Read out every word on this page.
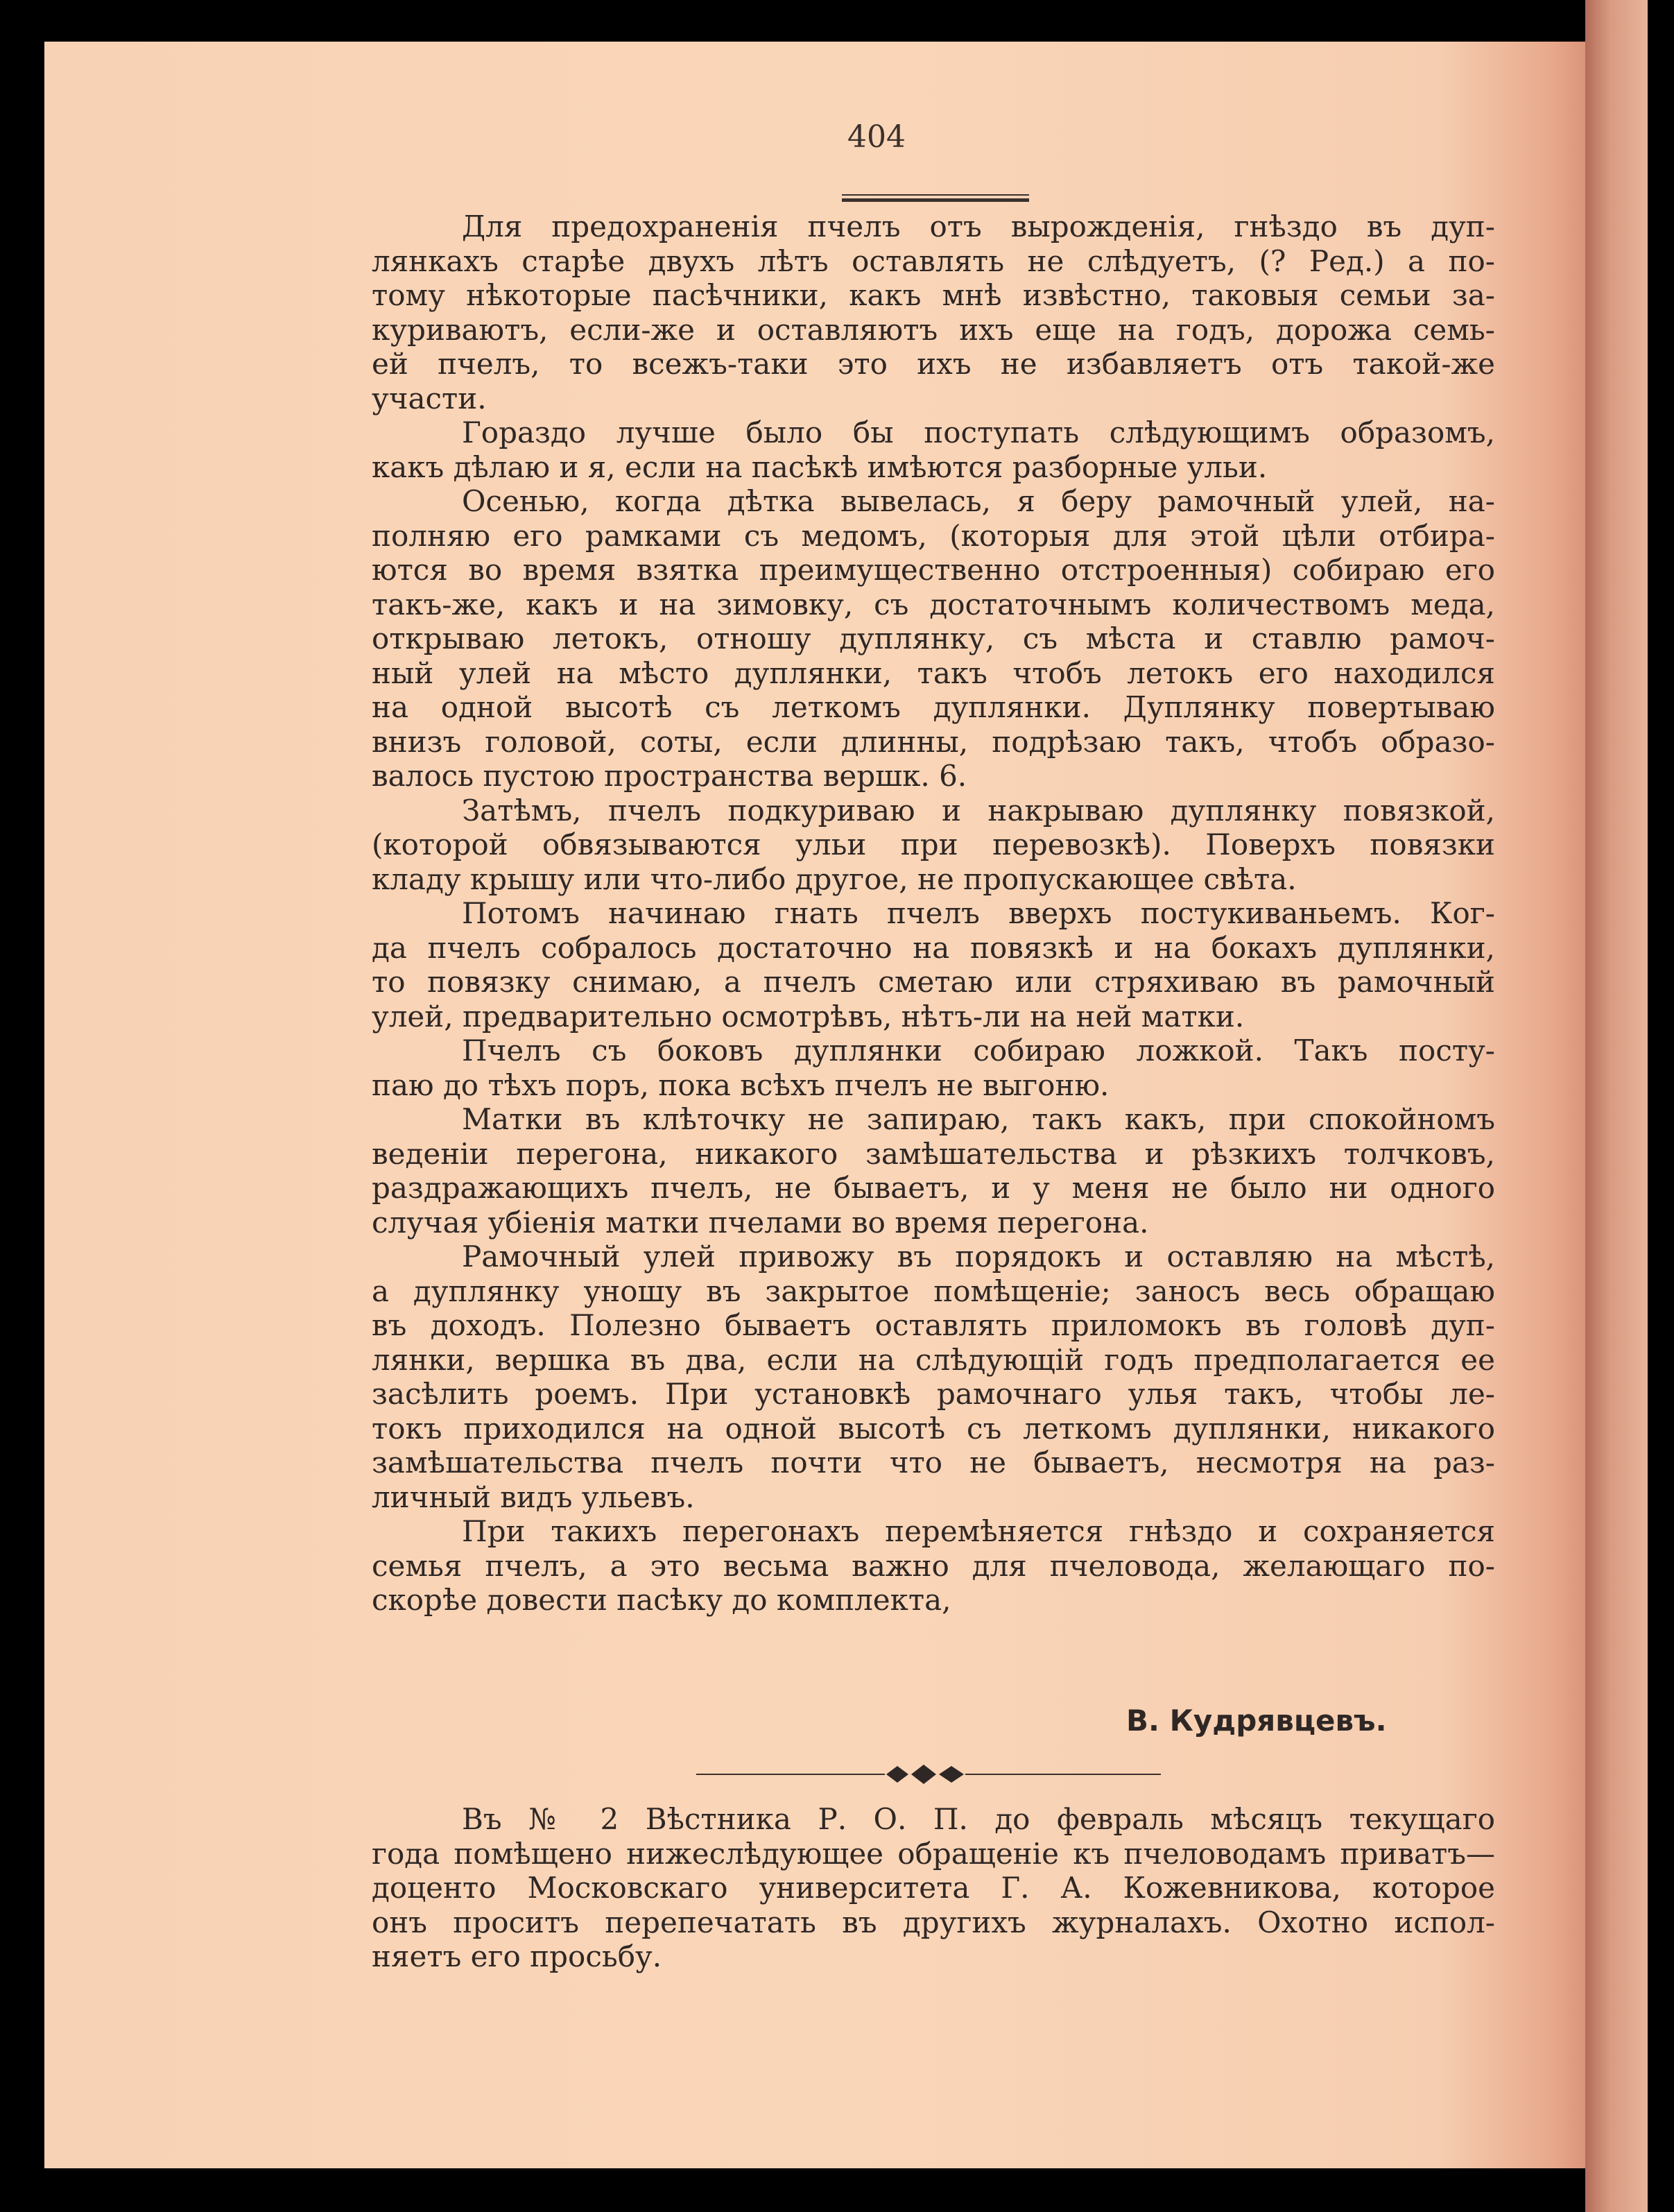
404
Для предохраненія пчелъ отъ вырожденія, гнѣздо въ дуп-
лянкахъ старѣе двухъ лѣтъ оставлять не слѣдуетъ, (? Ред.) а по-
тому нѣкоторые пасѣчники, какъ мнѣ извѣстно, таковыя семьи за-
куриваютъ, если-же и оставляютъ ихъ еще на годъ, дорожа семь-
ей пчелъ, то всежъ-таки это ихъ не избавляетъ отъ такой-же
участи.
Гораздо лучше было бы поступать слѣдующимъ образомъ,
какъ дѣлаю и я, если на пасѣкѣ имѣются разборные ульи.
Осенью, когда дѣтка вывелась, я беру рамочный улей, на-
полняю его рамками съ медомъ, (которыя для этой цѣли отбира-
ются во время взятка преимущественно отстроенныя) собираю его
такъ-же, какъ и на зимовку, съ достаточнымъ количествомъ меда,
открываю летокъ, отношу дуплянку, съ мѣста и ставлю рамоч-
ный улей на мѣсто дуплянки, такъ чтобъ летокъ его находился
на одной высотѣ съ леткомъ дуплянки. Дуплянку повертываю
внизъ головой, соты, если длинны, подрѣзаю такъ, чтобъ образо-
валось пустою пространства вершк. 6.
Затѣмъ, пчелъ подкуриваю и накрываю дуплянку повязкой,
(которой обвязываются ульи при перевозкѣ). Поверхъ повязки
кладу крышу или что-либо другое, не пропускающее свѣта.
Потомъ начинаю гнать пчелъ вверхъ постукиваньемъ. Ког-
да пчелъ собралось достаточно на повязкѣ и на бокахъ дуплянки,
то повязку снимаю, а пчелъ сметаю или стряхиваю въ рамочный
улей, предварительно осмотрѣвъ, нѣтъ-ли на ней матки.
Пчелъ съ боковъ дуплянки собираю ложкой. Такъ посту-
паю до тѣхъ поръ, пока всѣхъ пчелъ не выгоню.
Матки въ клѣточку не запираю, такъ какъ, при спокойномъ
веденіи перегона, никакого замѣшательства и рѣзкихъ толчковъ,
раздражающихъ пчелъ, не бываетъ, и у меня не было ни одного
случая убіенія матки пчелами во время перегона.
Рамочный улей привожу въ порядокъ и оставляю на мѣстѣ,
а дуплянку уношу въ закрытое помѣщеніе; заносъ весь обращаю
въ доходъ. Полезно бываетъ оставлять приломокъ въ головѣ дуп-
лянки, вершка въ два, если на слѣдующій годъ предполагается ее
засѣлить роемъ. При установкѣ рамочнаго улья такъ, чтобы ле-
токъ приходился на одной высотѣ съ леткомъ дуплянки, никакого
замѣшательства пчелъ почти что не бываетъ, несмотря на раз-
личный видъ ульевъ.
При такихъ перегонахъ перемѣняется гнѣздо и сохраняется
семья пчелъ, а это весьма важно для пчеловода, желающаго по-
скорѣе довести пасѣку до комплекта,
В. Кудрявцевъ.
Въ № 2 Вѣстника Р. О. П. до февраль мѣсяцъ текущаго
года помѣщено нижеслѣдующее обращеніе къ пчеловодамъ приватъ—
доценто Московскаго университета Г. А. Кожевникова, которое
онъ проситъ перепечатать въ другихъ журналахъ. Охотно испол-
няетъ его просьбу.
